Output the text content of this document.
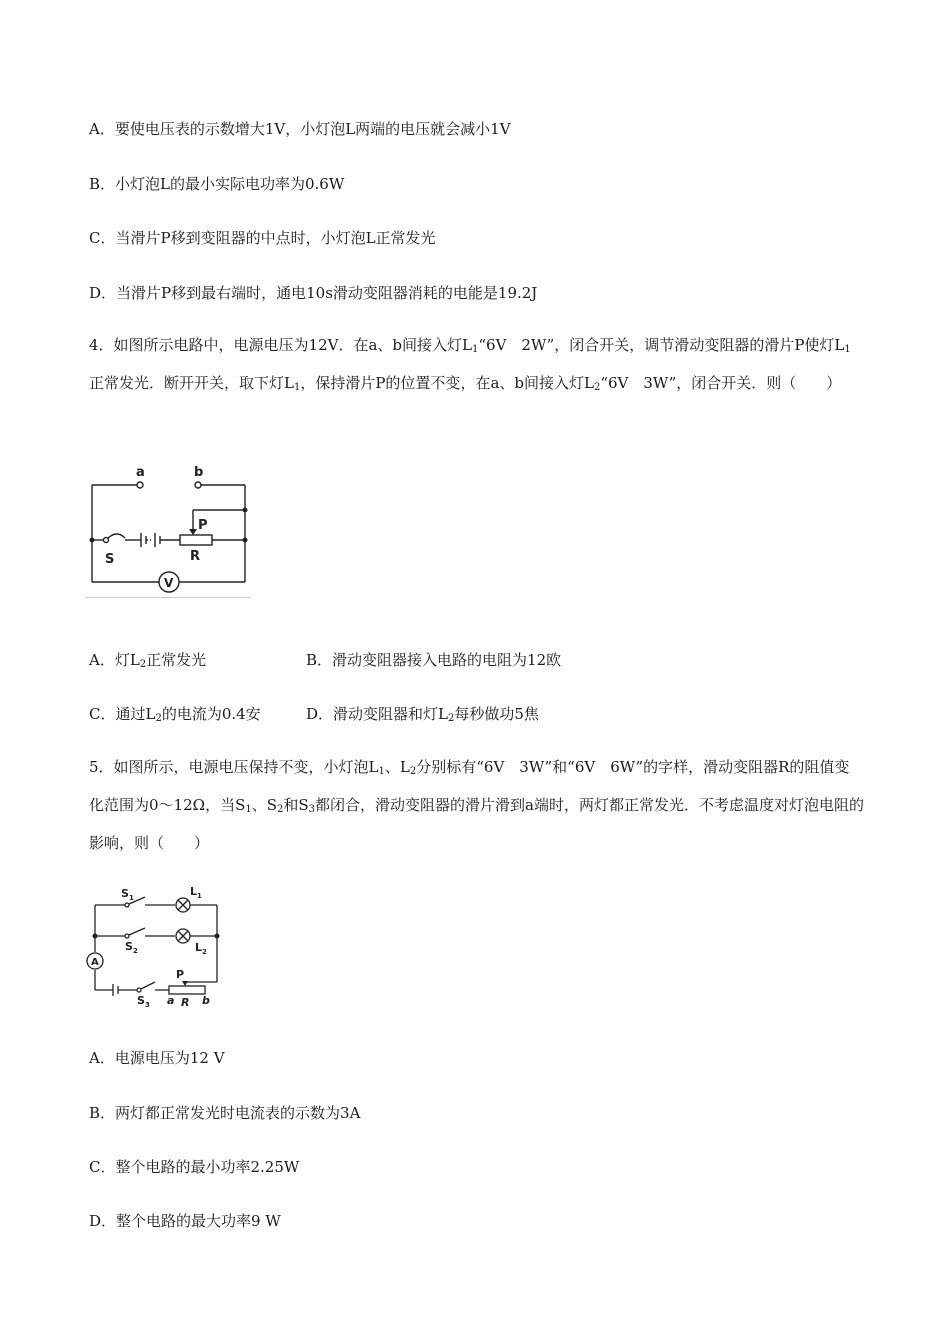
A．要使电压表的示数增大1V，小灯泡L两端的电压就会减小1V
B．小灯泡L的最小实际电功率为0.6W
C．当滑片P移到变阻器的中点时，小灯泡L正常发光
D．当滑片P移到最右端时，通电10s滑动变阻器消耗的电能是19.2J
4．如图所示电路中，电源电压为12V．在a、b间接入灯$L_1“6V$　2W”，闭合开关，调节滑动变阻器的滑片P使灯$L_1$正常发光．断开开关，取下灯$L_1$，保持滑片P的位置不变，在a、b间接入灯$L_2“6V$　3W”，闭合开关．则（　　）
a	b
P
S	R
V
A．灯$L_2$正常发光	B．滑动变阻器接入电路的电阻为12欧
C．通过$L_2$的电流为0.4安	D．滑动变阻器和灯$L_2$每秒做功5焦
5．如图所示，电源电压保持不变，小灯泡$L_1$、$L_2$分别标有“6V　3W”和“6V　6W”的字样，滑动变阻器R的阻值变化范围为0～12Ω，当$S_1$、$S_2$和$S_3$都闭合，滑动变阻器的滑片滑到a端时，两灯都正常发光．不考虑温度对灯泡电阻的影响，则（　　）
$S_1$	$L_1$
$S_2$	$L_2$
A
P
$S_3$ a R b
A．电源电压为12 V
B．两灯都正常发光时电流表的示数为3A
C．整个电路的最小功率2.25W
D．整个电路的最大功率9 W
